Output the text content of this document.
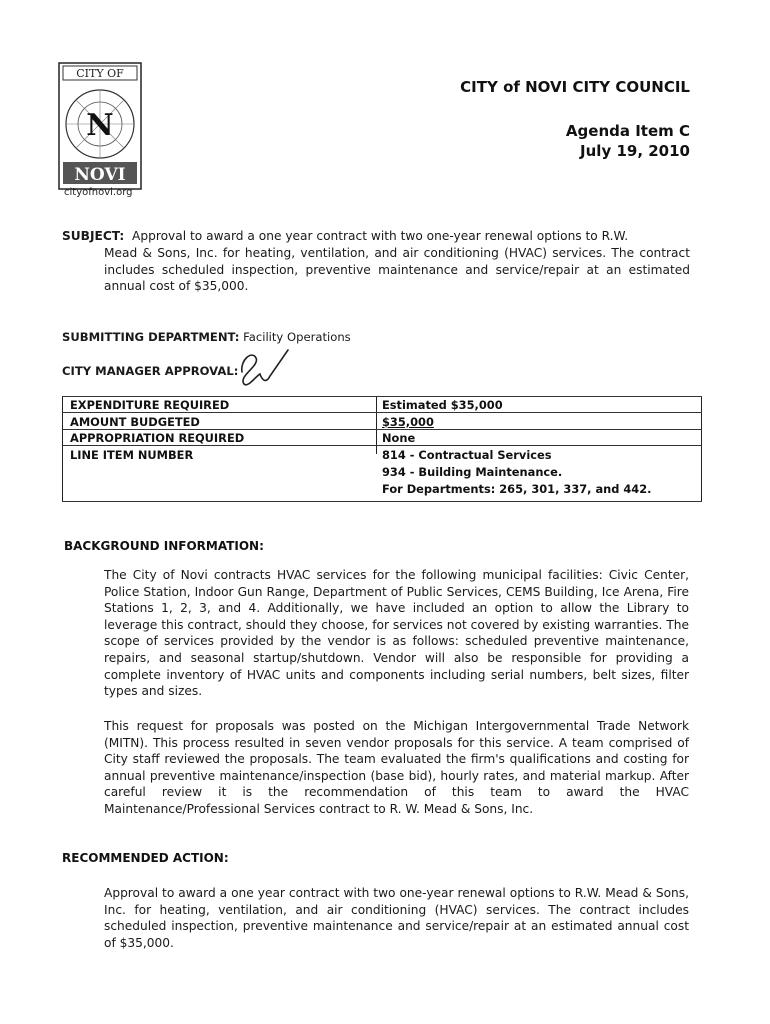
CITY OF
N
NOVI
cityofnovi.org
CITY of NOVI CITY COUNCIL
Agenda Item C
July 19, 2010
SUBJECT: Approval to award a one year contract with two one-year renewal options to R.W.
Mead & Sons, Inc. for heating, ventilation, and air conditioning (HVAC) services. The contract includes scheduled inspection, preventive maintenance and service/repair at an estimated annual cost of $35,000.
SUBMITTING DEPARTMENT: Facility Operations
CITY MANAGER APPROVAL:
EXPENDITURE REQUIRED	Estimated $35,000
AMOUNT BUDGETED	$35,000
APPROPRIATION REQUIRED	None
LINE ITEM NUMBER	814 - Contractual Services
934 - Building Maintenance.
For Departments: 265, 301, 337, and 442.
BACKGROUND INFORMATION:
The City of Novi contracts HVAC services for the following municipal facilities: Civic Center, Police Station, Indoor Gun Range, Department of Public Services, CEMS Building, Ice Arena, Fire Stations 1, 2, 3, and 4. Additionally, we have included an option to allow the Library to leverage this contract, should they choose, for services not covered by existing warranties. The scope of services provided by the vendor is as follows: scheduled preventive maintenance, repairs, and seasonal startup/shutdown. Vendor will also be responsible for providing a complete inventory of HVAC units and components including serial numbers, belt sizes, filter types and sizes.
This request for proposals was posted on the Michigan Intergovernmental Trade Network (MITN). This process resulted in seven vendor proposals for this service. A team comprised of City staff reviewed the proposals. The team evaluated the firm's qualifications and costing for annual preventive maintenance/inspection (base bid), hourly rates, and material markup. After careful review it is the recommendation of this team to award the HVAC Maintenance/Professional Services contract to R. W. Mead & Sons, Inc.
RECOMMENDED ACTION:
Approval to award a one year contract with two one-year renewal options to R.W. Mead & Sons, Inc. for heating, ventilation, and air conditioning (HVAC) services. The contract includes scheduled inspection, preventive maintenance and service/repair at an estimated annual cost of $35,000.
